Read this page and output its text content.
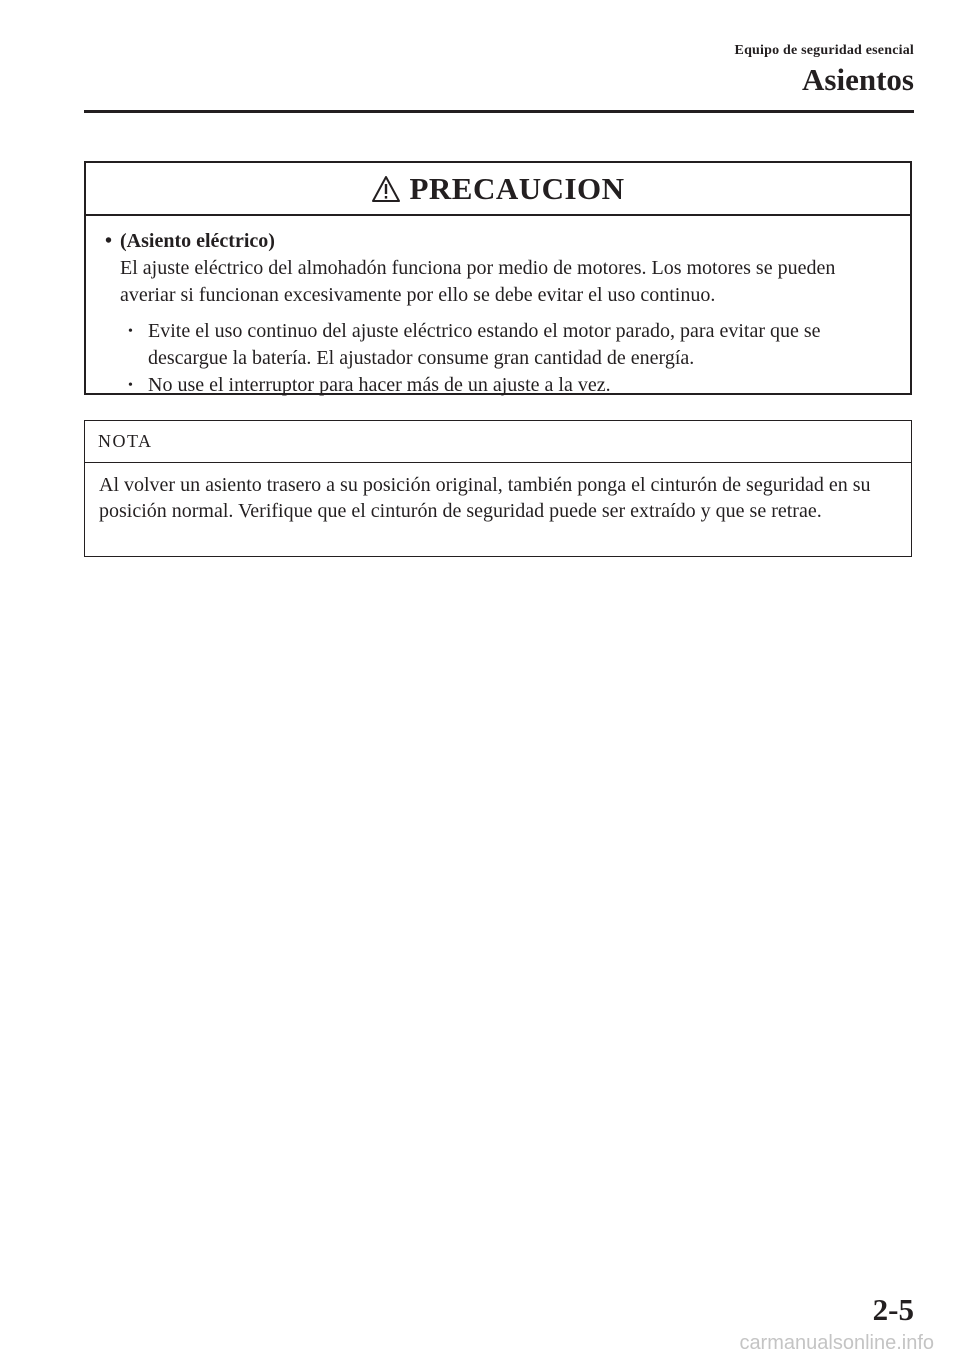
Equipo de seguridad esencial
Asientos
PRECAUCION
• (Asiento eléctrico)
El ajuste eléctrico del almohadón funciona por medio de motores. Los motores se pueden averiar si funcionan excesivamente por ello se debe evitar el uso continuo.
• Evite el uso continuo del ajuste eléctrico estando el motor parado, para evitar que se descargue la batería. El ajustador consume gran cantidad de energía.
• No use el interruptor para hacer más de un ajuste a la vez.
NOTA
Al volver un asiento trasero a su posición original, también ponga el cinturón de seguridad en su posición normal. Verifique que el cinturón de seguridad puede ser extraído y que se retrae.
2-5
carmanualsonline.info
